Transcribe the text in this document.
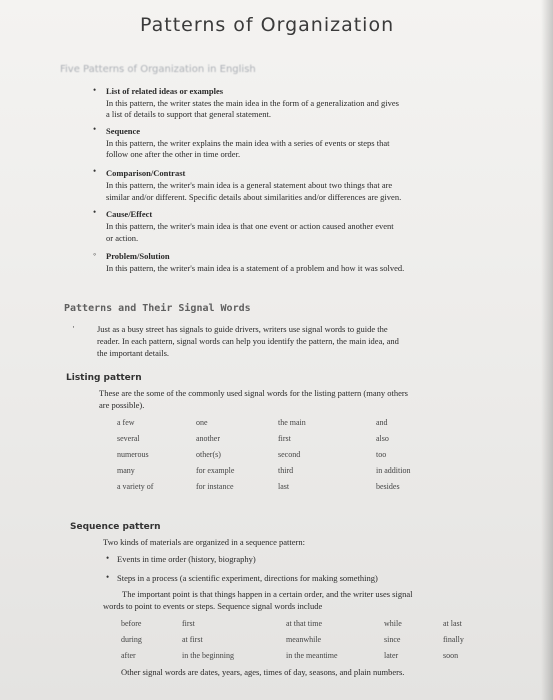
Patterns of Organization
Five Patterns of Organization in English
• List of related ideas or examples
In this pattern, the writer states the main idea in the form of a generalization and gives
a list of details to support that general statement.
• Sequence
In this pattern, the writer explains the main idea with a series of events or steps that
follow one after the other in time order.
• Comparison/Contrast
In this pattern, the writer's main idea is a general statement about two things that are
similar and/or different. Specific details about similarities and/or differences are given.
• Cause/Effect
In this pattern, the writer's main idea is that one event or action caused another event
or action.
◦ Problem/Solution
In this pattern, the writer's main idea is a statement of a problem and how it was solved.
Patterns and Their Signal Words
·	Just as a busy street has signals to guide drivers, writers use signal words to guide the
reader. In each pattern, signal words can help you identify the pattern, the main idea, and
the important details.
Listing pattern
These are the some of the commonly used signal words for the listing pattern (many others
are possible).
a few	one	the main	and
several	another	first	also
numerous	other(s)	second	too
many	for example	third	in addition
a variety of	for instance	last	besides
Sequence pattern
Two kinds of materials are organized in a sequence pattern:
• Events in time order (history, biography)
• Steps in a process (a scientific experiment, directions for making something)
The important point is that things happen in a certain order, and the writer uses signal
words to point to events or steps. Sequence signal words include
before	first	at that time	while	at last
during	at first	meanwhile	since	finally
after	in the beginning	in the meantime	later	soon
Other signal words are dates, years, ages, times of day, seasons, and plain numbers.
